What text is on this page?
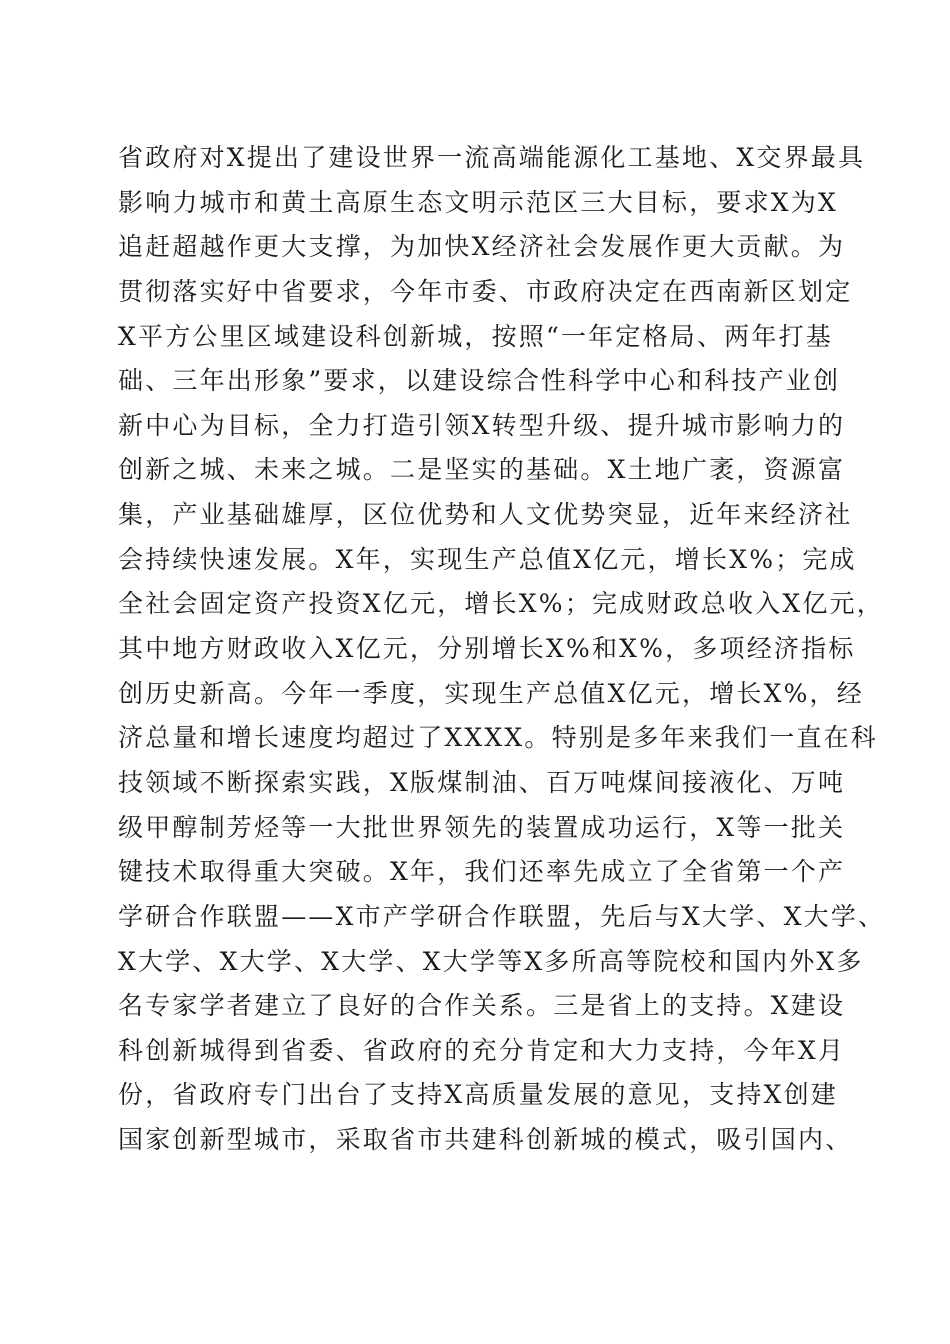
省政府对X提出了建设世界一流高端能源化工基地、X交界最具
影响力城市和黄土高原生态文明示范区三大目标，要求X为X
追赶超越作更大支撑，为加快X经济社会发展作更大贡献。为
贯彻落实好中省要求，今年市委、市政府决定在西南新区划定
X平方公里区域建设科创新城，按照“一年定格局、两年打基
础、三年出形象”要求，以建设综合性科学中心和科技产业创
新中心为目标，全力打造引领X转型升级、提升城市影响力的
创新之城、未来之城。二是坚实的基础。X土地广袤，资源富
集，产业基础雄厚，区位优势和人文优势突显，近年来经济社
会持续快速发展。X年，实现生产总值X亿元，增长X%；完成
全社会固定资产投资X亿元，增长X%；完成财政总收入X亿元，
其中地方财政收入X亿元，分别增长X%和X%，多项经济指标
创历史新高。今年一季度，实现生产总值X亿元，增长X%，经
济总量和增长速度均超过了XXXX。特别是多年来我们一直在科
技领域不断探索实践，X版煤制油、百万吨煤间接液化、万吨
级甲醇制芳烃等一大批世界领先的装置成功运行，X等一批关
键技术取得重大突破。X年，我们还率先成立了全省第一个产
学研合作联盟——X市产学研合作联盟，先后与X大学、X大学、
X大学、X大学、X大学、X大学等X多所高等院校和国内外X多
名专家学者建立了良好的合作关系。三是省上的支持。X建设
科创新城得到省委、省政府的充分肯定和大力支持，今年X月
份，省政府专门出台了支持X高质量发展的意见，支持X创建
国家创新型城市，采取省市共建科创新城的模式，吸引国内、
